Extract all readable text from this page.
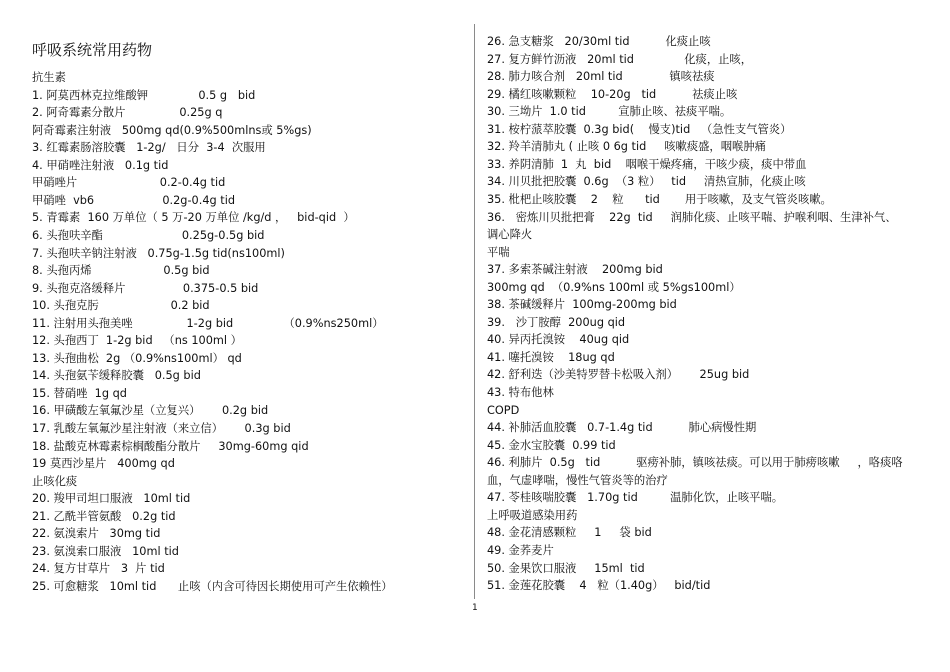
呼吸系统常用药物
抗生素
1. 阿莫西林克拉维酸钾              0.5 g   bid
2. 阿奇霉素分散片               0.25g q
阿奇霉素注射液   500mg qd(0.9%500mlns或 5%gs)
3. 红霉素肠溶胶囊   1-2g/   日分  3-4  次服用
4. 甲硝唑注射液   0.1g tid
甲硝唑片                       0.2-0.4g tid
甲硝唑  vb6                   0.2g-0.4g tid
5. 青霉素  160 万单位（ 5 万-20 万单位 /kg/d ，   bid-qid  ）
6. 头孢呋辛酯                      0.25g-0.5g bid
7. 头孢呋辛钠注射液   0.75g-1.5g tid(ns100ml)
8. 头孢丙烯                    0.5g bid
9. 头孢克洛缓释片                0.375-0.5 bid
10. 头孢克肟                    0.2 bid
11. 注射用头孢美唑               1-2g bid              （0.9%ns250ml）
12. 头孢西丁  1-2g bid   （ns 100ml ）
13. 头孢曲松  2g （0.9%ns100ml） qd
14. 头孢氨苄缓释胶囊   0.5g bid
15. 替硝唑  1g qd
16. 甲磺酸左氧氟沙星（立复兴）      0.2g bid
17. 乳酸左氧氟沙星注射液（来立信）      0.3g bid
18. 盐酸克林霉素棕榈酸酯分散片     30mg-60mg qid
19 莫西沙星片   400mg qd
止咳化痰
20. 羧甲司坦口服液   10ml tid
21. 乙酰半管氨酸   0.2g tid
22. 氨溴索片   30mg tid
23. 氨溴索口服液   10ml tid
24. 复方甘草片   3  片 tid
25. 可愈糖浆   10ml tid      止咳（内含可待因长期使用可产生依赖性）
26. 急支糖浆   20/30ml tid          化痰止咳
27. 复方鲜竹沥液   20ml tid              化痰，止咳，
28. 肺力咳合剂   20ml tid             镇咳祛痰
29. 橘红咳嗽颗粒    10-20g   tid          祛痰止咳
30. 三坳片  1.0 tid         宣肺止咳、祛痰平喘。
31. 桉柠蒎萃胶囊  0.3g bid(    慢支)tid   （急性支气管炎）
32. 羚羊清肺丸 ( 止咳 0 6g tid     咳嗽痰盛，咽喉肿痛
33. 养阴清肺  1  丸  bid    咽喉干燥疼痛，干咳少痰，痰中带血
34. 川贝批把胶囊  0.6g  （3 粒）   tid     清热宣肺，化痰止咳
35. 枇杷止咳胶囊    2    粒      tid       用于咳嗽，及支气管炎咳嗽。
36.   密炼川贝批把膏    22g  tid     润肺化痰、止咳平喘、护喉利咽、生津补气、
调心降火
平喘
37. 多索茶碱注射液    200mg bid
300mg qd  （0.9%ns 100ml 或 5%gs100ml）
38. 茶碱缓释片  100mg-200mg bid
39.   沙丁胺醇  200ug qid
40. 异丙托溴铵    40ug qid
41. 噻托溴铵    18ug qd
42. 舒利迭（沙美特罗替卡松吸入剂）      25ug bid
43. 特布他林
COPD
44. 补肺活血胶囊   0.7-1.4g tid          肺心病慢性期
45. 金水宝胶囊  0.99 tid
46. 利肺片  0.5g   tid          驱痨补肺，镇咳祛痰。可以用于肺痨咳嗽     ，咯痰咯
血，气虚哮喘，慢性气管炎等的治疗
47. 苓桂咳喘胶囊   1.70g tid         温肺化饮，止咳平喘。
上呼吸道感染用药
48. 金花清感颗粒     1     袋 bid
49. 金荞麦片
50. 金果饮口服液     15ml  tid
51. 金莲花胶囊    4   粒（1.40g）   bid/tid
1
